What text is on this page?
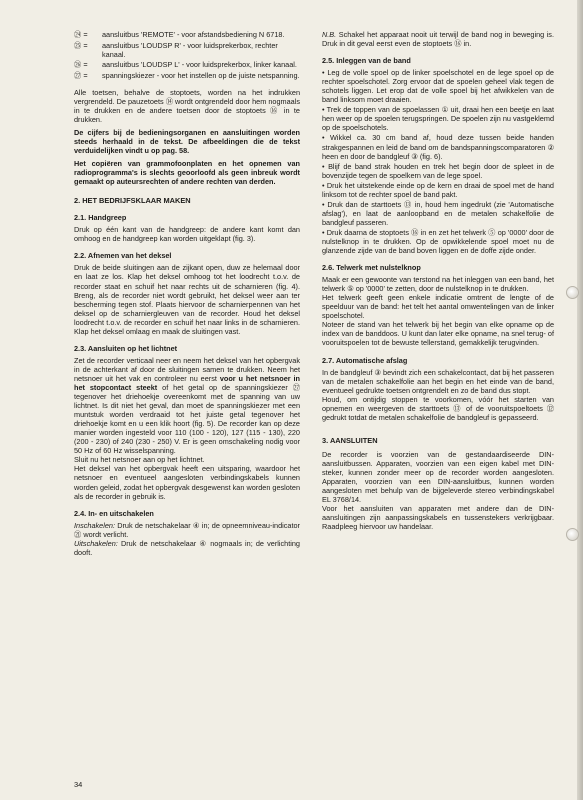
㉔ =	aansluitbus 'REMOTE' - voor afstandsbediening N 6718.
㉕ =	aansluitbus 'LOUDSP R' - voor luidsprekerbox, rechter kanaal.
㉖ =	aansluitbus 'LOUDSP L' - voor luidsprekerbox, linker kanaal.
㉗ =	spanningskiezer - voor het instellen op de juiste netspanning.

Alle toetsen, behalve de stoptoets, worden na het indrukken vergrendeld. De pauzetoets ⑭ wordt ontgrendeld door hem nogmaals in te drukken en de andere toetsen door de stoptoets ⑯ in te drukken.

De cijfers bij de bedieningsorganen en aansluitingen worden steeds herhaald in de tekst. De afbeeldingen die de tekst verduidelijken vindt u op pag. 58.

Het copiëren van grammofoonplaten en het opnemen van radioprogramma's is slechts geoorloofd als geen inbreuk wordt gemaakt op auteursrechten of andere rechten van derden.

2. HET BEDRIJFSKLAAR MAKEN
2.1. Handgreep

Druk op één kant van de handgreep: de andere kant komt dan omhoog en de handgreep kan worden uitgeklapt (fig. 3).

2.2. Afnemen van het deksel

Druk de beide sluitingen aan de zijkant open, duw ze helemaal door en laat ze los. Klap het deksel omhoog tot het loodrecht t.o.v. de recorder staat en schuif het naar rechts uit de scharnieren (fig. 4). Breng, als de recorder niet wordt gebruikt, het deksel weer aan ter bescherming tegen stof. Plaats hiervoor de scharnierpennen van het deksel op de scharniergleuven van de recorder. Houd het deksel loodrecht t.o.v. de recorder en schuif het naar links in de scharnieren. Klap het deksel omlaag en maak de sluitingen vast.

2.3. Aansluiten op het lichtnet

Zet de recorder verticaal neer en neem het deksel van het opbergvak in de achterkant af door de sluitingen samen te drukken. Neem het netsnoer uit het vak en controleer nu eerst voor u het netsnoer in het stopcontact steekt of het getal op de spanningskiezer ㉗ tegenover het driehoekje overeenkomt met de spanning van uw lichtnet. Is dit niet het geval, dan moet de spanningskiezer met een muntstuk worden verdraaid tot het juiste getal tegenover het driehoekje komt en u een klik hoort (fig. 5). De recorder kan op deze manier worden ingesteld voor 110 (100 - 120), 127 (115 - 130), 220 (200 - 230) of 240 (230 - 250) V. Er is geen omschakeling nodig voor 50 Hz of 60 Hz wisselspanning.

Sluit nu het netsnoer aan op het lichtnet.

Het deksel van het opbergvak heeft een uitsparing, waardoor het netsnoer en eventueel aangesloten verbindingskabels kunnen worden geleid, zodat het opbergvak desgewenst kan worden gesloten als de recorder in gebruik is.

2.4. In- en uitschakelen

Inschakelen: Druk de netschakelaar ④ in; de opneemniveau-indicator ㉑ wordt verlicht.

Uitschakelen: Druk de netschakelaar ④ nogmaals in; de verlichting dooft.

N.B. Schakel het apparaat nooit uit terwijl de band nog in beweging is. Druk in dit geval eerst even de stoptoets ⑯ in.

2.5. Inleggen van de band

• Leg de volle spoel op de linker spoelschotel en de lege spoel op de rechter spoelschotel. Zorg ervoor dat de spoelen geheel vlak tegen de schotels liggen. Let erop dat de volle spoel bij het afwikkelen van de band linksom moet draaien.

• Trek de toppen van de spoelassen ① uit, draai hen een beetje en laat hen weer op de spoelen terugspringen. De spoelen zijn nu vastgeklemd op de spoelschotels.

• Wikkel ca. 30 cm band af, houd deze tussen beide handen strakgespannen en leid de band om de bandspanningscomparatoren ② heen en door de bandgleuf ③ (fig. 6).

• Blijf de band strak houden en trek het begin door de spleet in de bovenzijde tegen de spoelkern van de lege spoel.

• Druk het uitstekende einde op de kern en draai de spoel met de hand linksom tot de rechter spoel de band pakt.

• Druk dan de starttoets ⑬ in, houd hem ingedrukt (zie 'Automatische afslag'), en laat de aanloopband en de metalen schakelfolie de bandgleuf passeren.

• Druk daarna de stoptoets ⑯ in en zet het telwerk ⑤ op '0000' door de nulstelknop in te drukken. Op de opwikkelende spoel moet nu de glanzende zijde van de band boven liggen en de doffe zijde onder.

2.6. Telwerk met nulstelknop

Maak er een gewoonte van terstond na het inleggen van een band, het telwerk ⑤ op '0000' te zetten, door de nulstelknop in te drukken.

Het telwerk geeft geen enkele indicatie omtrent de lengte of de speelduur van de band: het telt het aantal omwentelingen van de linker spoelschotel.

Noteer de stand van het telwerk bij het begin van elke opname op de index van de banddoos. U kunt dan later elke opname, na snel terug- of vooruitspoelen tot de bewuste tellerstand, gemakkelijk terugvinden.

2.7. Automatische afslag

In de bandgleuf ③ bevindt zich een schakelcontact, dat bij het passeren van de metalen schakelfolie aan het begin en het einde van de band, eventueel gedrukte toetsen ontgrendelt en zo de band dus stopt.

Houd, om ontijdig stoppen te voorkomen, vóór het starten van opnemen en weergeven de starttoets ⑬ of de vooruitspoeltoets ⑫ gedrukt totdat de metalen schakelfolie de bandgleuf is gepasseerd.

3. AANSLUITEN

De recorder is voorzien van de gestandaardiseerde DIN-aansluitbussen. Apparaten, voorzien van een eigen kabel met DIN-steker, kunnen zonder meer op de recorder worden aangesloten. Apparaten, voorzien van een DIN-aansluitbus, kunnen worden aangesloten met behulp van de bijgeleverde stereo verbindingskabel EL 3768/14.

Voor het aansluiten van apparaten met andere dan de DIN-aansluitingen zijn aanpassingskabels en tussenstekers verkrijgbaar. Raadpleeg hiervoor uw handelaar.

34
